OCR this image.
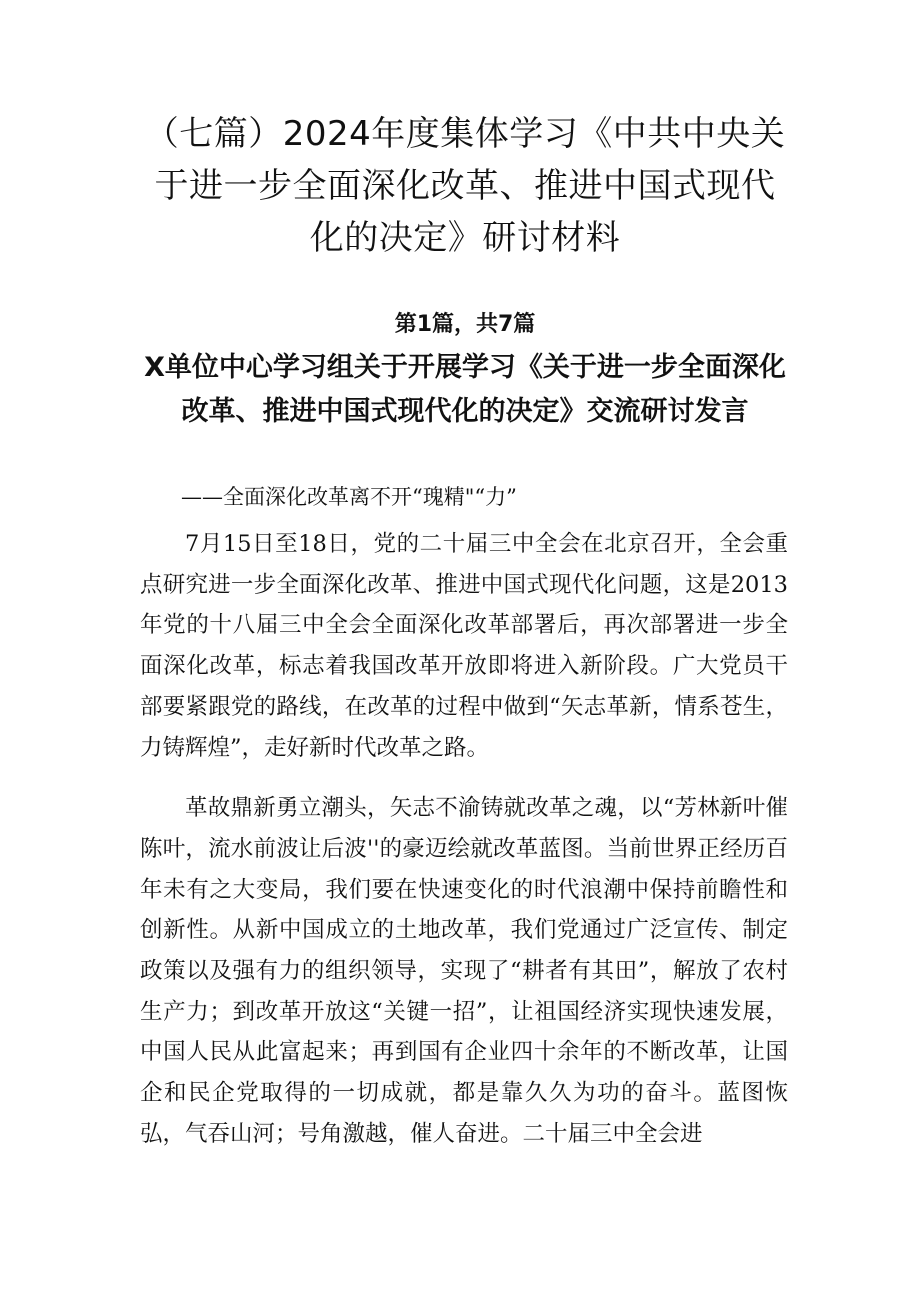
（七篇）2024年度集体学习《中共中央关于进一步全面深化改革、推进中国式现代化的决定》研讨材料
第1篇，共7篇
X单位中心学习组关于开展学习《关于进一步全面深化改革、推进中国式现代化的决定》交流研讨发言
——全面深化改革离不开“瑰精"“力”

7月15日至18日，党的二十届三中全会在北京召开，全会重点研究进一步全面深化改革、推进中国式现代化问题，这是2013年党的十八届三中全会全面深化改革部署后，再次部署进一步全面深化改革，标志着我国改革开放即将进入新阶段。广大党员干部要紧跟党的路线，在改革的过程中做到“矢志革新，情系苍生，力铸辉煌”，走好新时代改革之路。

革故鼎新勇立潮头，矢志不渝铸就改革之魂，以“芳林新叶催陈叶，流水前波让后波''的豪迈绘就改革蓝图。当前世界正经历百年未有之大变局，我们要在快速变化的时代浪潮中保持前瞻性和创新性。从新中国成立的土地改革，我们党通过广泛宣传、制定政策以及强有力的组织领导，实现了“耕者有其田”，解放了农村生产力；到改革开放这“关键一招”，让祖国经济实现快速发展，中国人民从此富起来；再到国有企业四十余年的不断改革，让国企和民企党取得的一切成就，都是靠久久为功的奋斗。蓝图恢弘，气吞山河；号角激越，催人奋进。二十届三中全会进
